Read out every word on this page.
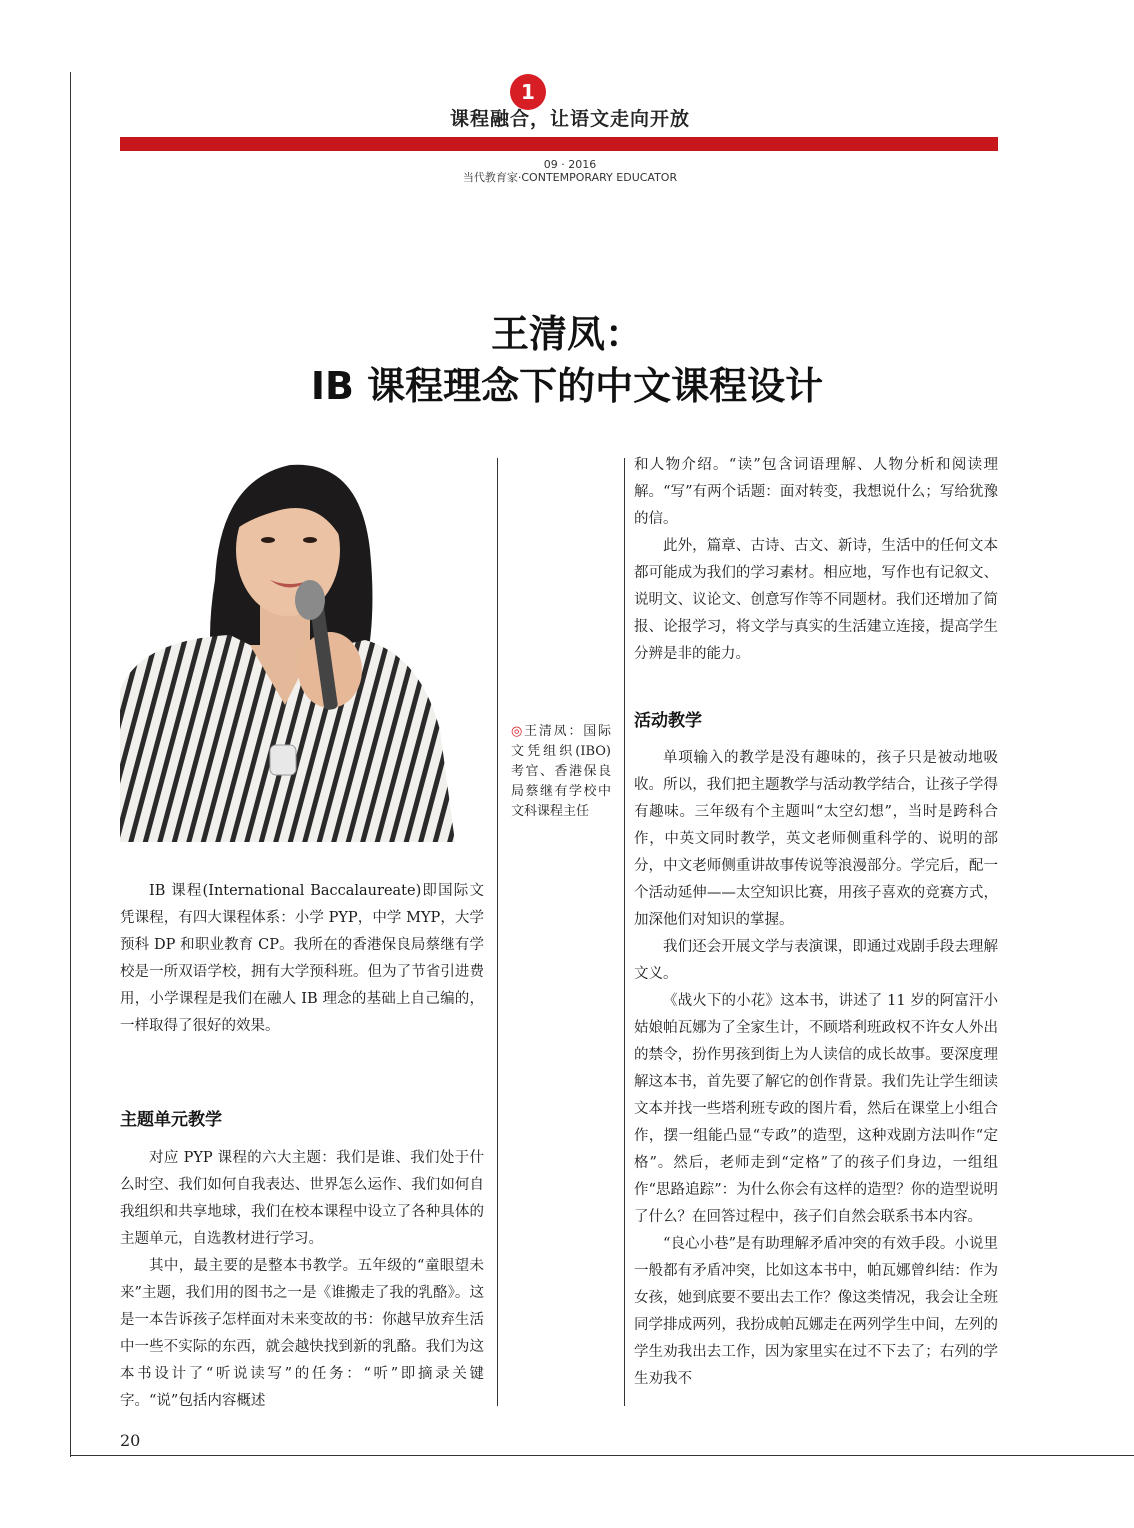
1
课程融合，让语文走向开放
09 · 2016
当代教育家·CONTEMPORARY EDUCATOR
王清凤：
IB 课程理念下的中文课程设计
◎王清凤：国际文凭组织(IBO)考官、香港保良局蔡继有学校中文科课程主任

IB 课程(International Baccalaureate)即国际文凭课程，有四大课程体系：小学 PYP，中学 MYP，大学预科 DP 和职业教育 CP。我所在的香港保良局蔡继有学校是一所双语学校，拥有大学预科班。但为了节省引进费用，小学课程是我们在融人 IB 理念的基础上自己编的，一样取得了很好的效果。

主题单元教学

对应 PYP 课程的六大主题：我们是谁、我们处于什么时空、我们如何自我表达、世界怎么运作、我们如何自我组织和共享地球，我们在校本课程中设立了各种具体的主题单元，自选教材进行学习。

其中，最主要的是整本书教学。五年级的“童眼望未来”主题，我们用的图书之一是《谁搬走了我的乳酪》。这是一本告诉孩子怎样面对未来变故的书：你越早放弃生活中一些不实际的东西，就会越快找到新的乳酪。我们为这本书设计了“听说读写”的任务：“听”即摘录关键字。“说”包括内容概述

和人物介绍。“读”包含词语理解、人物分析和阅读理解。“写”有两个话题：面对转变，我想说什么；写给犹豫的信。

此外，篇章、古诗、古文、新诗，生活中的任何文本都可能成为我们的学习素材。相应地，写作也有记叙文、说明文、议论文、创意写作等不同题材。我们还增加了简报、论报学习，将文学与真实的生活建立连接，提高学生分辨是非的能力。

活动教学

单项输入的教学是没有趣味的，孩子只是被动地吸收。所以，我们把主题教学与活动教学结合，让孩子学得有趣味。三年级有个主题叫“太空幻想”，当时是跨科合作，中英文同时教学，英文老师侧重科学的、说明的部分，中文老师侧重讲故事传说等浪漫部分。学完后，配一个活动延伸——太空知识比赛，用孩子喜欢的竞赛方式，加深他们对知识的掌握。

我们还会开展文学与表演课，即通过戏剧手段去理解文义。

《战火下的小花》这本书，讲述了 11 岁的阿富汗小姑娘帕瓦娜为了全家生计，不顾塔利班政权不许女人外出的禁令，扮作男孩到街上为人读信的成长故事。要深度理解这本书，首先要了解它的创作背景。我们先让学生细读文本并找一些塔利班专政的图片看，然后在课堂上小组合作，摆一组能凸显“专政”的造型，这种戏剧方法叫作“定格”。然后，老师走到“定格”了的孩子们身边，一组组作“思路追踪”：为什么你会有这样的造型？你的造型说明了什么？在回答过程中，孩子们自然会联系书本内容。

“良心小巷”是有助理解矛盾冲突的有效手段。小说里一般都有矛盾冲突，比如这本书中，帕瓦娜曾纠结：作为女孩，她到底要不要出去工作？像这类情况，我会让全班同学排成两列，我扮成帕瓦娜走在两列学生中间，左列的学生劝我出去工作，因为家里实在过不下去了；右列的学生劝我不

20
